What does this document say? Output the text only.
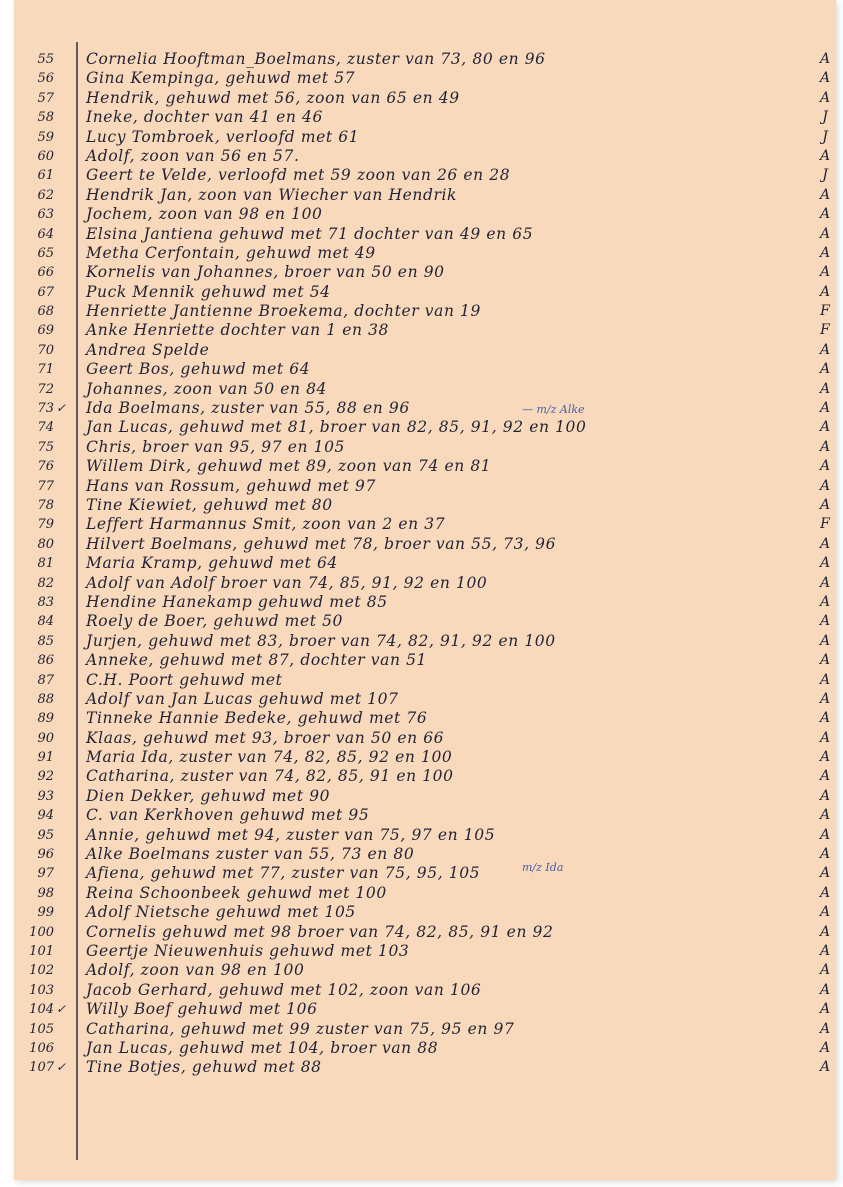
55 Cornelia Hooftman_Boelmans, zuster van 73, 80 en 96	A
56 Gina Kempinga, gehuwd met 57	A
57 Hendrik, gehuwd met 56, zoon van 65 en 49	A
58 Ineke, dochter van 41 en 46	J
59 Lucy Tombroek, verloofd met 61	J
60 Adolf, zoon van 56 en 57.	A
61 Geert te Velde, verloofd met 59 zoon van 26 en 28	J
62 Hendrik Jan, zoon van Wiecher van Hendrik	A
63 Jochem, zoon van 98 en 100	A
64 Elsina Jantiena gehuwd met 71 dochter van 49 en 65	A
65 Metha Cerfontain, gehuwd met 49	A
66 Kornelis van Johannes, broer van 50 en 90	A
67 Puck Mennik gehuwd met 54	A
68 Henriette Jantienne Broekema, dochter van 19	F
69 Anke Henriette dochter van 1 en 38	F
70 Andrea Spelde	A
71 Geert Bos, gehuwd met 64	A
72 Johannes, zoon van 50 en 84	A
73 ✓ Ida Boelmans, zuster van 55, 88 en 96	A
74 Jan Lucas, gehuwd met 81, broer van 82, 85, 91, 92 en 100	A
75 Chris, broer van 95, 97 en 105	A
76 Willem Dirk, gehuwd met 89, zoon van 74 en 81	A
77 Hans van Rossum, gehuwd met 97	A
78 Tine Kiewiet, gehuwd met 80	A
79 Leffert Harmannus Smit, zoon van 2 en 37	F
80 Hilvert Boelmans, gehuwd met 78, broer van 55, 73, 96	A
81 Maria Kramp, gehuwd met 64	A
82 Adolf van Adolf broer van 74, 85, 91, 92 en 100	A
83 Hendine Hanekamp gehuwd met 85	A
84 Roely de Boer, gehuwd met 50	A
85 Jurjen, gehuwd met 83, broer van 74, 82, 91, 92 en 100	A
86 Anneke, gehuwd met 87, dochter van 51	A
87 C.H. Poort gehuwd met	A
88 Adolf van Jan Lucas gehuwd met 107	A
89 Tinneke Hannie Bedeke, gehuwd met 76	A
90 Klaas, gehuwd met 93, broer van 50 en 66	A
91 Maria Ida, zuster van 74, 82, 85, 92 en 100	A
92 Catharina, zuster van 74, 82, 85, 91 en 100	A
93 Dien Dekker, gehuwd met 90	A
94 C. van Kerkhoven gehuwd met 95	A
95 Annie, gehuwd met 94, zuster van 75, 97 en 105	A
96 Alke Boelmans zuster van 55, 73 en 80	A
97 Afiena, gehuwd met 77, zuster van 75, 95, 105	A
98 Reina Schoonbeek gehuwd met 100	A
99 Adolf Nietsche gehuwd met 105	A
100 Cornelis gehuwd met 98 broer van 74, 82, 85, 91 en 92	A
101 Geertje Nieuwenhuis gehuwd met 103	A
102 Adolf, zoon van 98 en 100	A
103 Jacob Gerhard, gehuwd met 102, zoon van 106	A
104 ✓ Willy Boef gehuwd met 106	A
105 Catharina, gehuwd met 99 zuster van 75, 95 en 97	A
106 Jan Lucas, gehuwd met 104, broer van 88	A
107 ✓ Tine Botjes, gehuwd met 88	A
— m/z Alke
m/z Ida
